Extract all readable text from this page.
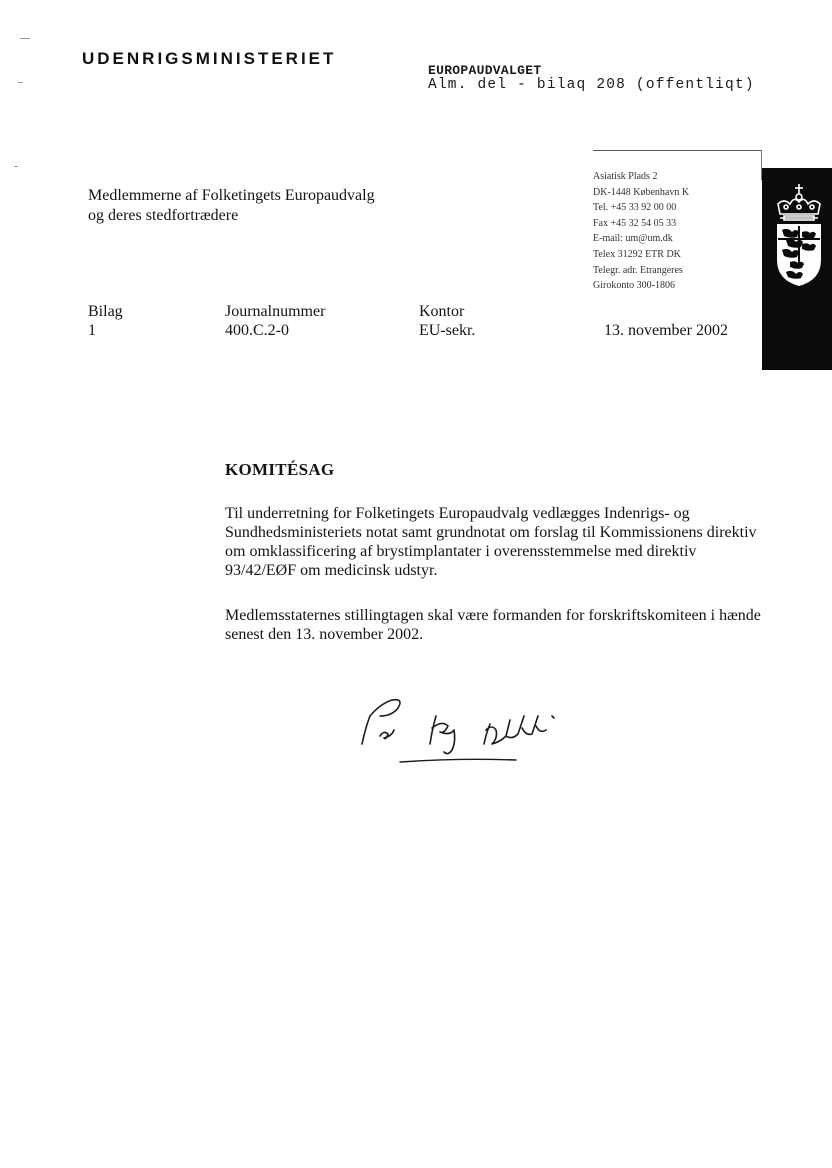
UDENRIGSMINISTERIET
EUROPAUDVALGET
Alm. del - bilaq 208 (offentliqt)
Medlemmerne af Folketingets Europaudvalg
og deres stedfortrædere
Asiatisk Plads 2
DK-1448 København K
Tel. +45 33 92 00 00
Fax +45 32 54 05 33
E-mail: um@um.dk
Telex 31292 ETR DK
Telegr. adr. Etrangeres
Girokonto 300-1806
Bilag
1
Journalnummer
400.C.2-0
Kontor
EU-sekr.	13. november 2002
KOMITÉSAG
Til underretning for Folketingets Europaudvalg vedlægges Indenrigs- og Sundhedsministeriets notat samt grundnotat om forslag til Kommissionens direktiv om omklassificering af brystimplantater i overensstemmelse med direktiv 93/42/EØF om medicinsk udstyr.
Medlemsstaternes stillingtagen skal være formanden for forskriftskomiteen i hænde senest den 13. november 2002.
